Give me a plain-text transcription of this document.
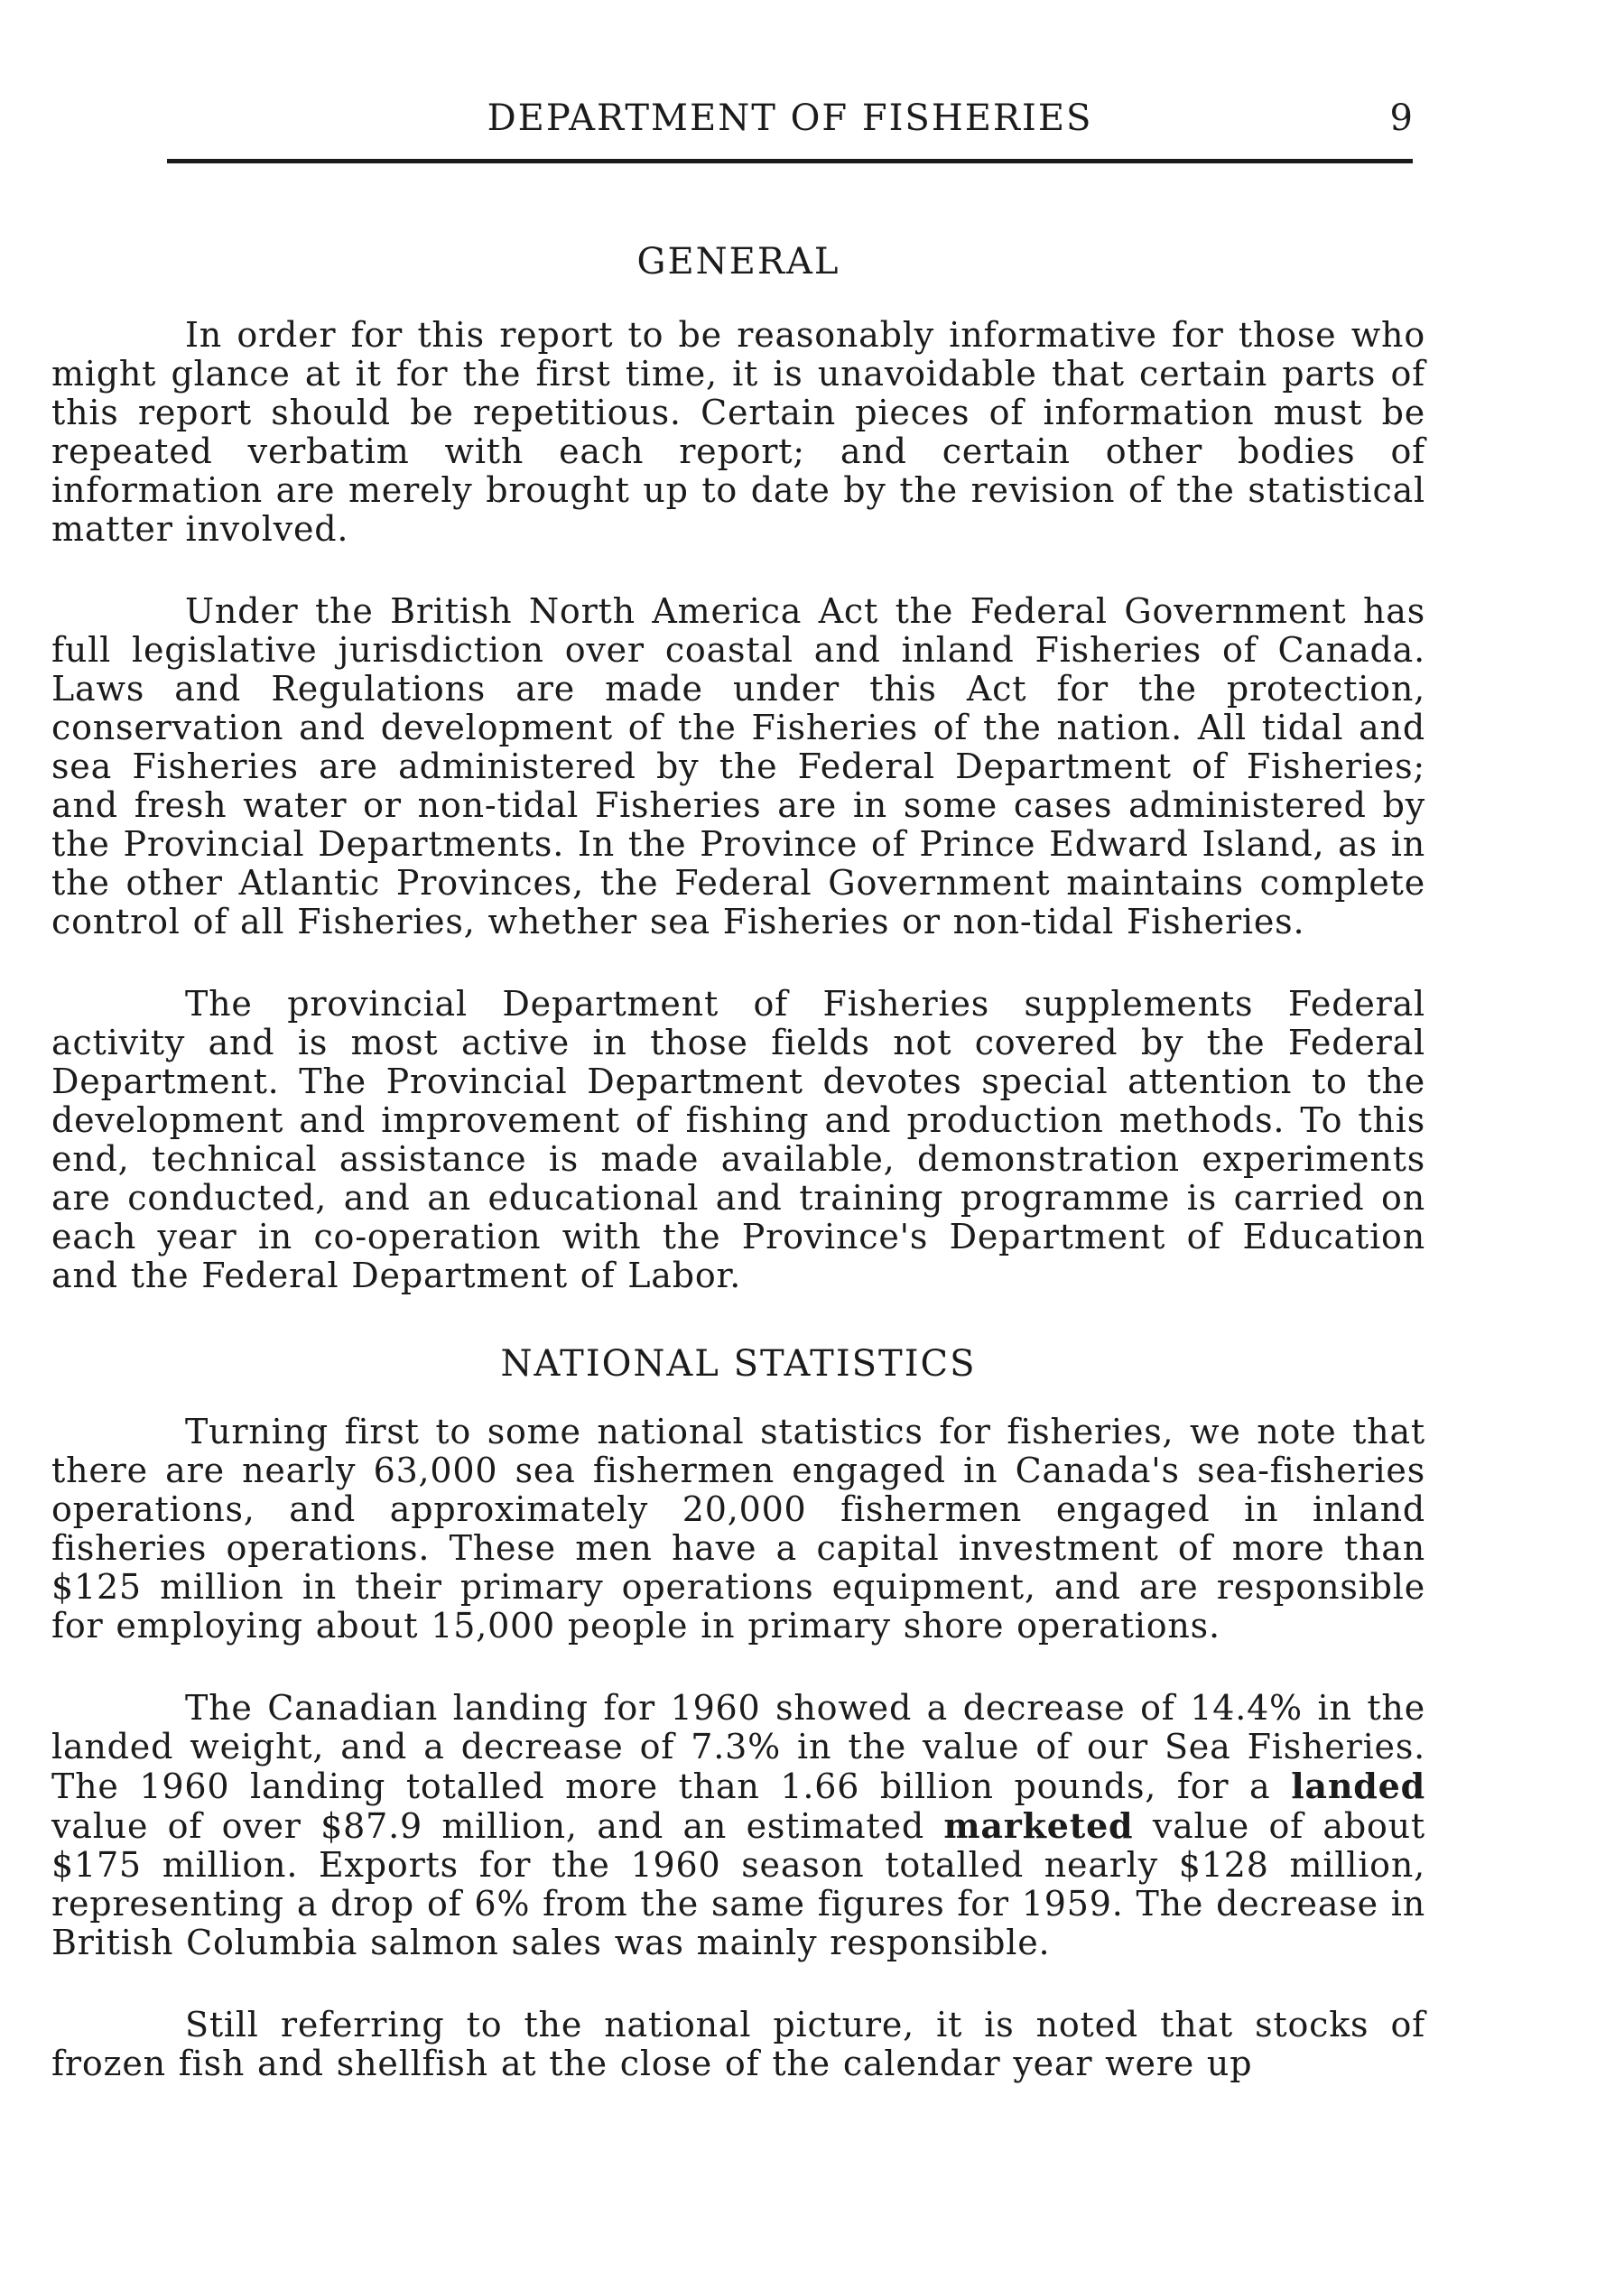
DEPARTMENT OF FISHERIES	9
GENERAL

In order for this report to be reasonably informative for those who might glance at it for the first time, it is unavoidable that certain parts of this report should be repetitious. Certain pieces of information must be repeated verbatim with each report; and certain other bodies of information are merely brought up to date by the revision of the statistical matter involved.

Under the British North America Act the Federal Government has full legislative jurisdiction over coastal and inland Fisheries of Canada. Laws and Regulations are made under this Act for the protection, conservation and development of the Fisheries of the nation. All tidal and sea Fisheries are administered by the Federal Department of Fisheries; and fresh water or non-tidal Fisheries are in some cases administered by the Provincial Departments. In the Province of Prince Edward Island, as in the other Atlantic Provinces, the Federal Government maintains complete control of all Fisheries, whether sea Fisheries or non-tidal Fisheries.

The provincial Department of Fisheries supplements Federal activity and is most active in those fields not covered by the Federal Department. The Provincial Department devotes special attention to the development and improvement of fishing and production methods. To this end, technical assistance is made available, demonstration experiments are conducted, and an educational and training programme is carried on each year in co-operation with the Province's Department of Education and the Federal Department of Labor.

NATIONAL STATISTICS

Turning first to some national statistics for fisheries, we note that there are nearly 63,000 sea fishermen engaged in Canada's sea-fisheries operations, and approximately 20,000 fishermen engaged in inland fisheries operations. These men have a capital investment of more than $125 million in their primary operations equipment, and are responsible for employing about 15,000 people in primary shore operations.

The Canadian landing for 1960 showed a decrease of 14.4% in the landed weight, and a decrease of 7.3% in the value of our Sea Fisheries. The 1960 landing totalled more than 1.66 billion pounds, for a landed value of over $87.9 million, and an estimated marketed value of about $175 million. Exports for the 1960 season totalled nearly $128 million, representing a drop of 6% from the same figures for 1959. The decrease in British Columbia salmon sales was mainly responsible.

Still referring to the national picture, it is noted that stocks of frozen fish and shellfish at the close of the calendar year were up
